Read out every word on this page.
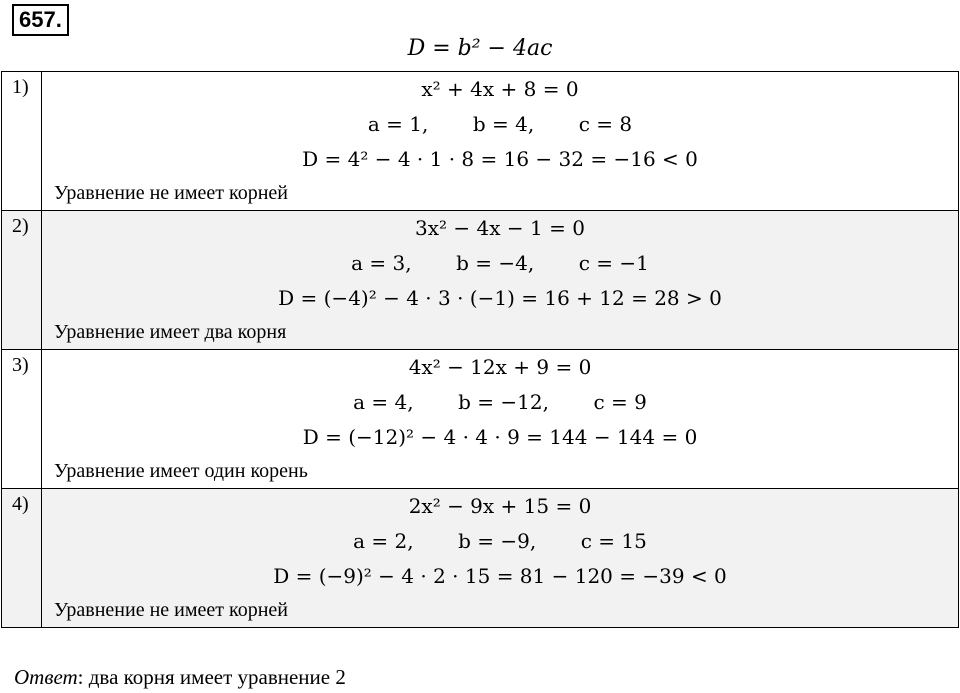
657.
D = b² − 4ac
1)	x² + 4x + 8 = 0
a = 1,       b = 4,       c = 8
D = 4² − 4 · 1 · 8 = 16 − 32 = −16 < 0
Уравнение не имеет корней

2)	3x² − 4x − 1 = 0
a = 3,       b = −4,       c = −1
D = (−4)² − 4 · 3 · (−1) = 16 + 12 = 28 > 0
Уравнение имеет два корня

3)	4x² − 12x + 9 = 0
a = 4,       b = −12,       c = 9
D = (−12)² − 4 · 4 · 9 = 144 − 144 = 0
Уравнение имеет один корень

4)	2x² − 9x + 15 = 0
a = 2,       b = −9,       c = 15
D = (−9)² − 4 · 2 · 15 = 81 − 120 = −39 < 0
Уравнение не имеет корней
Ответ: два корня имеет уравнение 2
